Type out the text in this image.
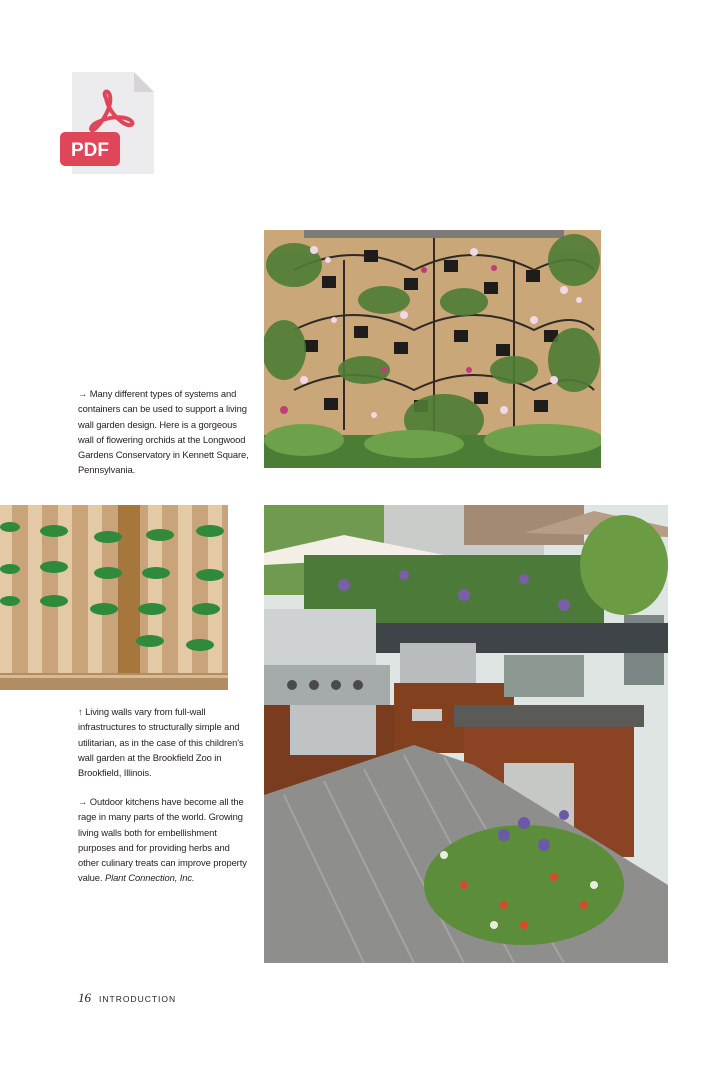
PDF
→ Many different types of systems and containers can be used to support a living wall garden design. Here is a gorgeous wall of flowering orchids at the Longwood Gardens Conservatory in Kennett Square, Pennsylvania.
↑ Living walls vary from full-wall infrastructures to structurally simple and utilitarian, as in the case of this children's wall garden at the Brookfield Zoo in Brookfield, Illinois.
→ Outdoor kitchens have become all the rage in many parts of the world. Growing living walls both for embellishment purposes and for providing herbs and other culinary treats can improve property value. Plant Connection, Inc.
16 INTRODUCTION
